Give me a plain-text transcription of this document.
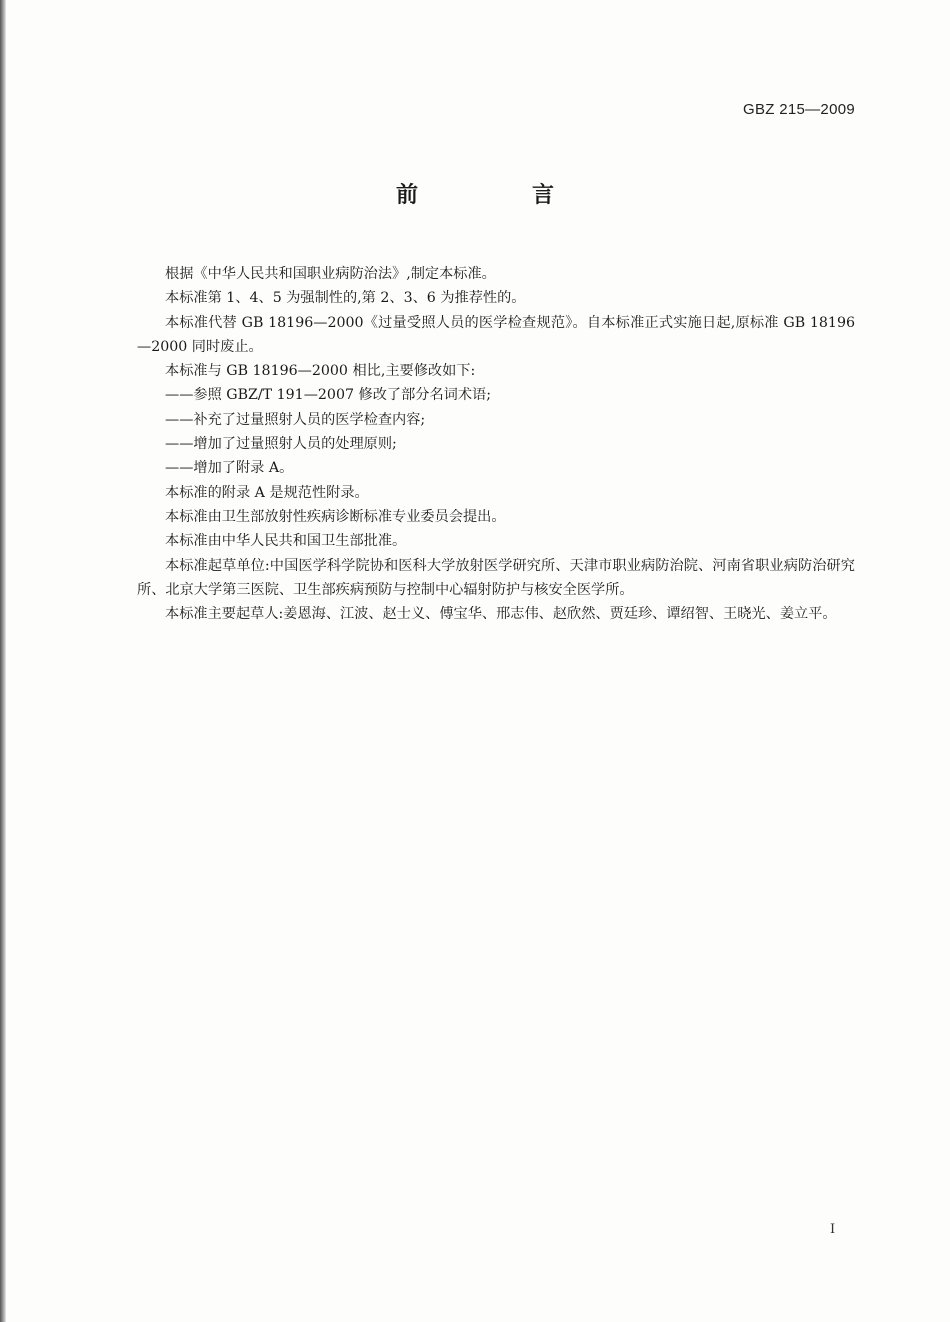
GBZ 215—2009
前　言

根据《中华人民共和国职业病防治法》,制定本标准。

本标准第 1、4、5 为强制性的,第 2、3、6 为推荐性的。

本标准代替 GB 18196—2000《过量受照人员的医学检查规范》。自本标准正式实施日起,原标准 GB 18196—2000 同时废止。

本标准与 GB 18196—2000 相比,主要修改如下:

——参照 GBZ/T 191—2007 修改了部分名词术语;

——补充了过量照射人员的医学检查内容;

——增加了过量照射人员的处理原则;

——增加了附录 A。

本标准的附录 A 是规范性附录。

本标准由卫生部放射性疾病诊断标准专业委员会提出。

本标准由中华人民共和国卫生部批准。

本标准起草单位:中国医学科学院协和医科大学放射医学研究所、天津市职业病防治院、河南省职业病防治研究所、北京大学第三医院、卫生部疾病预防与控制中心辐射防护与核安全医学所。

本标准主要起草人:姜恩海、江波、赵士义、傅宝华、邢志伟、赵欣然、贾廷珍、谭绍智、王晓光、姜立平。

I
